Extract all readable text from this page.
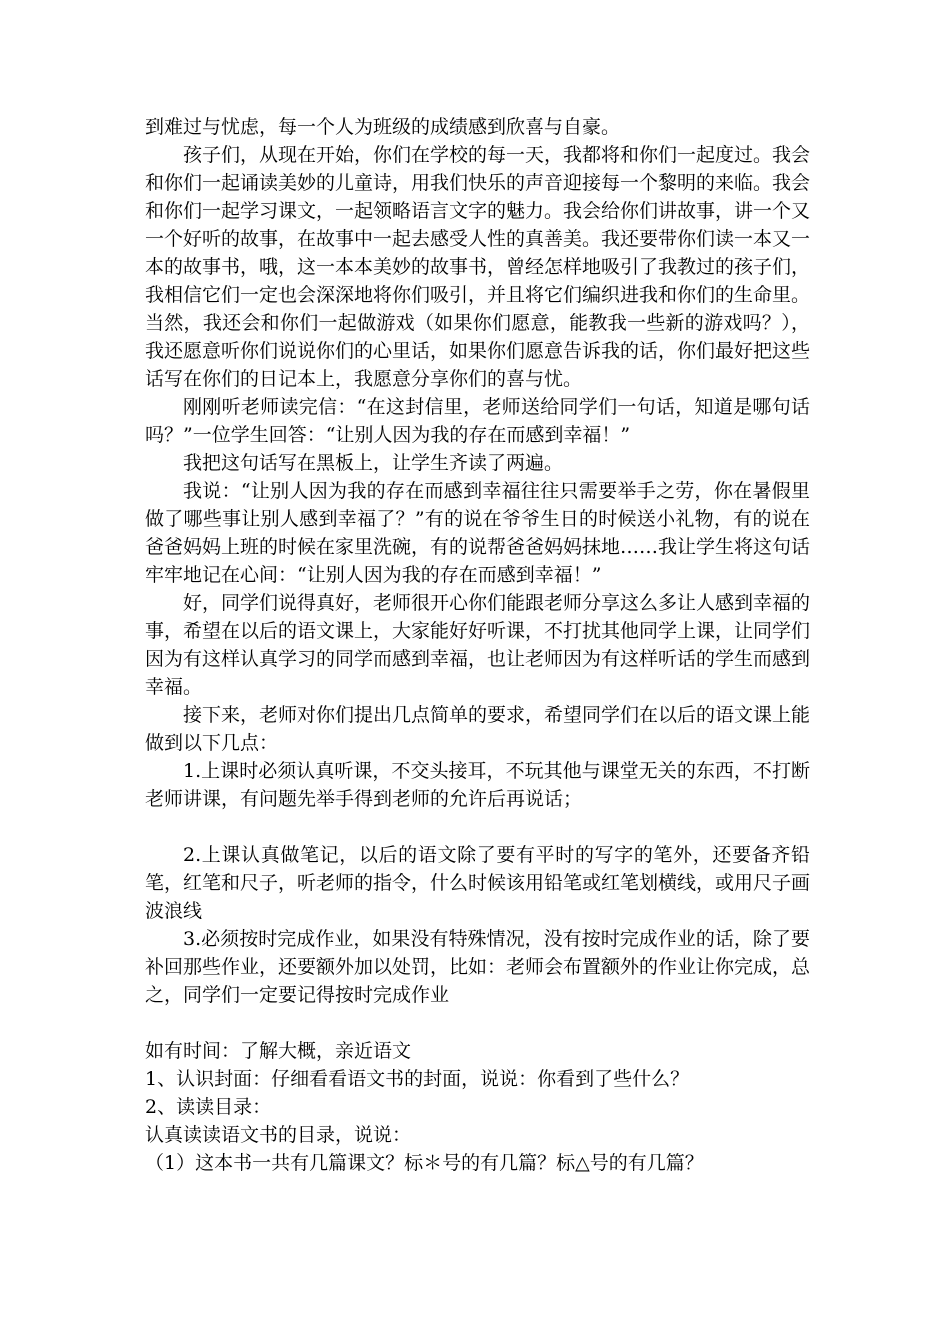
到难过与忧虑，每一个人为班级的成绩感到欣喜与自豪。

孩子们，从现在开始，你们在学校的每一天，我都将和你们一起度过。我会和你们一起诵读美妙的儿童诗，用我们快乐的声音迎接每一个黎明的来临。我会和你们一起学习课文，一起领略语言文字的魅力。我会给你们讲故事，讲一个又一个好听的故事，在故事中一起去感受人性的真善美。我还要带你们读一本又一本的故事书，哦，这一本本美妙的故事书，曾经怎样地吸引了我教过的孩子们，我相信它们一定也会深深地将你们吸引，并且将它们编织进我和你们的生命里。当然，我还会和你们一起做游戏（如果你们愿意，能教我一些新的游戏吗？），我还愿意听你们说说你们的心里话，如果你们愿意告诉我的话，你们最好把这些话写在你们的日记本上，我愿意分享你们的喜与忧。

刚刚听老师读完信：“在这封信里，老师送给同学们一句话，知道是哪句话吗？”一位学生回答：“让别人因为我的存在而感到幸福！”

我把这句话写在黑板上，让学生齐读了两遍。

我说：“让别人因为我的存在而感到幸福往往只需要举手之劳，你在暑假里做了哪些事让别人感到幸福了？”有的说在爷爷生日的时候送小礼物，有的说在爸爸妈妈上班的时候在家里洗碗，有的说帮爸爸妈妈抹地……我让学生将这句话牢牢地记在心间：“让别人因为我的存在而感到幸福！”

好，同学们说得真好，老师很开心你们能跟老师分享这么多让人感到幸福的事，希望在以后的语文课上，大家能好好听课，不打扰其他同学上课，让同学们因为有这样认真学习的同学而感到幸福，也让老师因为有这样听话的学生而感到幸福。

接下来，老师对你们提出几点简单的要求，希望同学们在以后的语文课上能做到以下几点：

1.上课时必须认真听课，不交头接耳，不玩其他与课堂无关的东西，不打断老师讲课，有问题先举手得到老师的允许后再说话；

2.上课认真做笔记，以后的语文除了要有平时的写字的笔外，还要备齐铅笔，红笔和尺子，听老师的指令，什么时候该用铅笔或红笔划横线，或用尺子画波浪线

3.必须按时完成作业，如果没有特殊情况，没有按时完成作业的话，除了要补回那些作业，还要额外加以处罚，比如：老师会布置额外的作业让你完成，总之，同学们一定要记得按时完成作业

如有时间：了解大概，亲近语文

1、认识封面：仔细看看语文书的封面，说说：你看到了些什么？

2、读读目录：

认真读读语文书的目录，说说：

（1）这本书一共有几篇课文？标＊号的有几篇？标△号的有几篇？
